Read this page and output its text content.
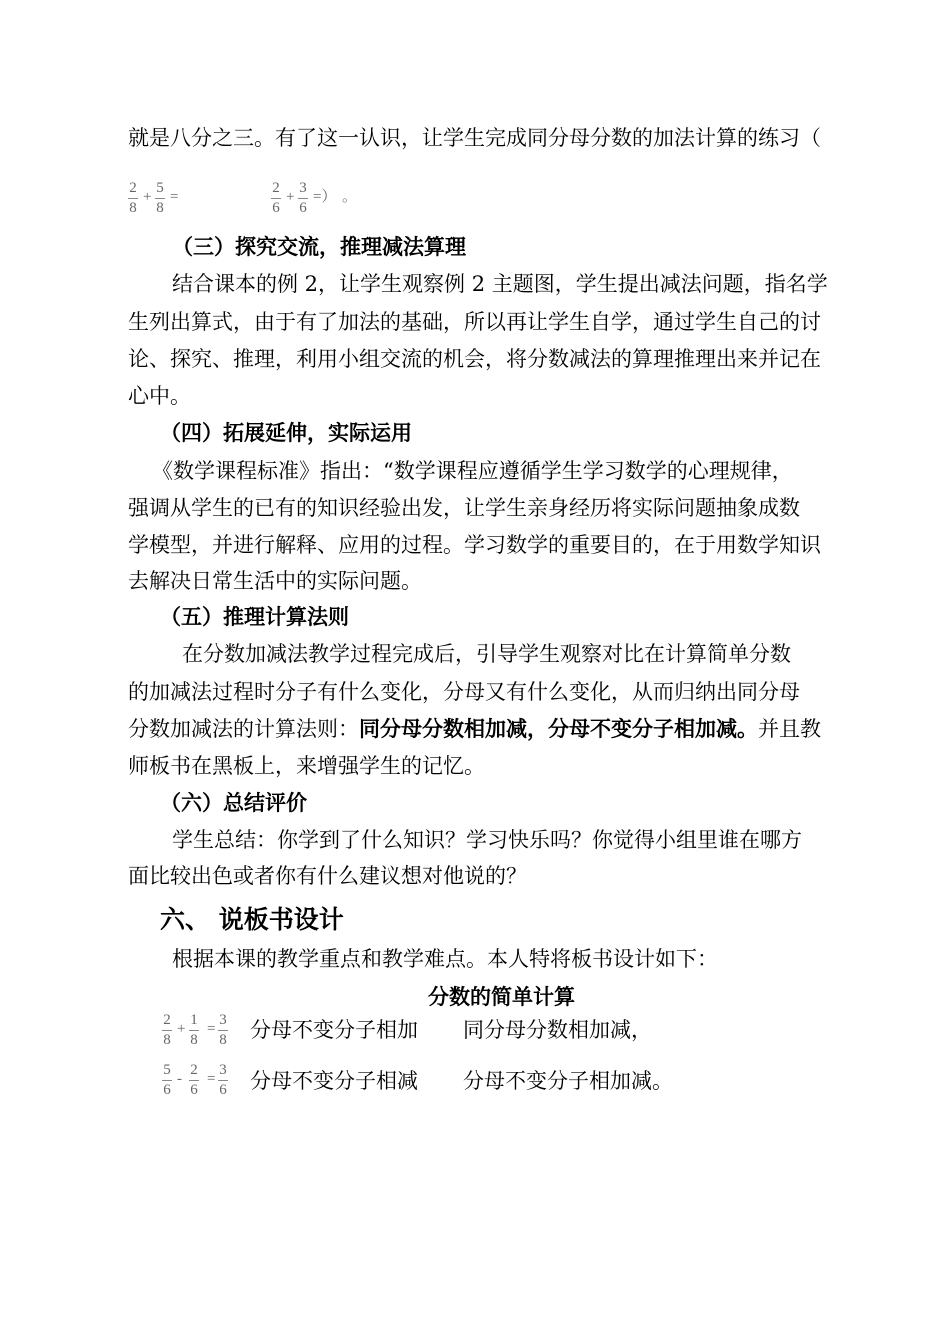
就是八分之三。有了这一认识，让学生完成同分母分数的加法计算的练习（
2
8
+
5
8
=
2
6
+
3
6
=） 。
（三）探究交流，推理减法算理
结合课本的例 2，让学生观察例 2 主题图，学生提出减法问题，指名学
生列出算式，由于有了加法的基础，所以再让学生自学，通过学生自己的讨
论、探究、推理，利用小组交流的机会，将分数减法的算理推理出来并记在
心中。
（四）拓展延伸，实际运用
《数学课程标准》指出：“数学课程应遵循学生学习数学的心理规律，
强调从学生的已有的知识经验出发，让学生亲身经历将实际问题抽象成数
学模型，并进行解释、应用的过程。学习数学的重要目的，在于用数学知识
去解决日常生活中的实际问题。
（五）推理计算法则
在分数加减法教学过程完成后，引导学生观察对比在计算简单分数
的加减法过程时分子有什么变化，分母又有什么变化，从而归纳出同分母
分数加减法的计算法则：同分母分数相加减，分母不变分子相加减。并且教
师板书在黑板上，来增强学生的记忆。
（六）总结评价
学生总结：你学到了什么知识？学习快乐吗？你觉得小组里谁在哪方
面比较出色或者你有什么建议想对他说的？
六、 说板书设计
根据本课的教学重点和教学难点。本人特将板书设计如下：
分数的简单计算
2
8
+
1
8
=
3
8 分母不变分子相加 同分母分数相加减，
5
6
-
2
6
=
3
6 分母不变分子相减 分母不变分子相加减。
